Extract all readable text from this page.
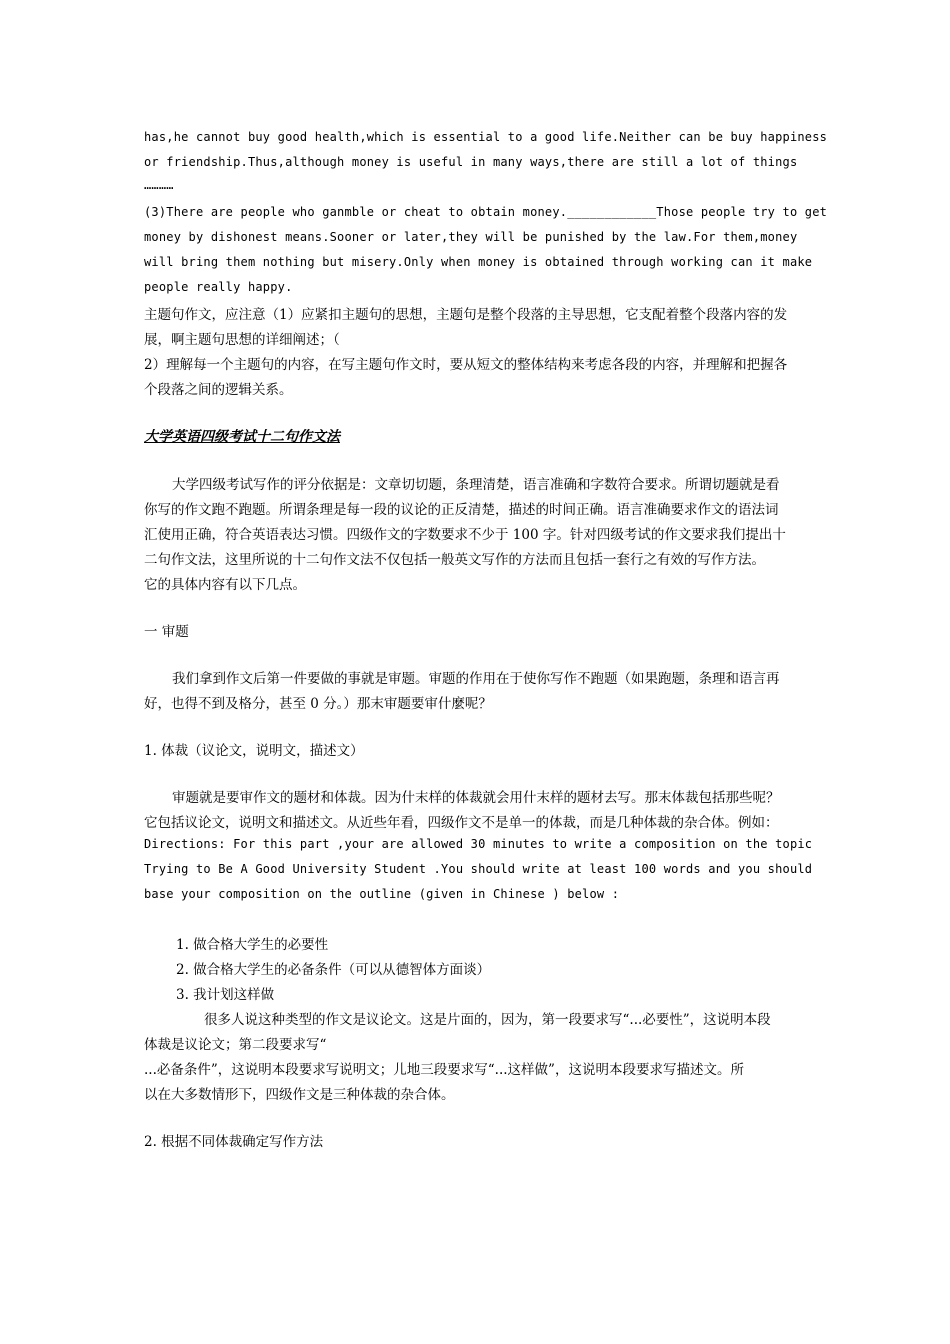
has,he cannot buy good health,which is essential to a good life.Neither can be buy happiness
or friendship.Thus,although money is useful in many ways,there are still a lot of things
…………
(3)There are people who ganmble or cheat to obtain money.____________Those people try to get
money by dishonest means.Sooner or later,they will be punished by the law.For them,money
will bring them nothing but misery.Only when money is obtained through working can it make
people really happy.
主题句作文，应注意（1）应紧扣主题句的思想，主题句是整个段落的主导思想，它支配着整个段落内容的发
展，啊主题句思想的详细阐述；（
2）理解每一个主题句的内容，在写主题句作文时，要从短文的整体结构来考虑各段的内容，并理解和把握各
个段落之间的逻辑关系。
大学英语四级考试十二句作文法
大学四级考试写作的评分依据是：文章切切题，条理清楚，语言准确和字数符合要求。所谓切题就是看
你写的作文跑不跑题。所谓条理是每一段的议论的正反清楚，描述的时间正确。语言准确要求作文的语法词
汇使用正确，符合英语表达习惯。四级作文的字数要求不少于 100 字。针对四级考试的作文要求我们提出十
二句作文法，这里所说的十二句作文法不仅包括一般英文写作的方法而且包括一套行之有效的写作方法。
它的具体内容有以下几点。
一 审题
我们拿到作文后第一件要做的事就是审题。审题的作用在于使你写作不跑题（如果跑题，条理和语言再
好，也得不到及格分，甚至 0 分。）那末审题要审什麼呢？
1. 体裁（议论文，说明文，描述文）
审题就是要审作文的题材和体裁。因为什末样的体裁就会用什末样的题材去写。那末体裁包括那些呢？
它包括议论文，说明文和描述文。从近些年看，四级作文不是单一的体裁，而是几种体裁的杂合体。例如：
Directions: For this part ,your are allowed 30 minutes to write a composition on the topic
Trying to Be A Good University Student .You should write at least 100 words and you should
base your composition on the outline (given in Chinese ) below :
1. 做合格大学生的必要性
2. 做合格大学生的必备条件（可以从德智体方面谈）
3. 我计划这样做
很多人说这种类型的作文是议论文。这是片面的，因为，第一段要求写“...必要性”，这说明本段
体裁是议论文；第二段要求写“
...必备条件”，这说明本段要求写说明文；儿地三段要求写“...这样做”，这说明本段要求写描述文。所
以在大多数情形下，四级作文是三种体裁的杂合体。
2. 根据不同体裁确定写作方法
